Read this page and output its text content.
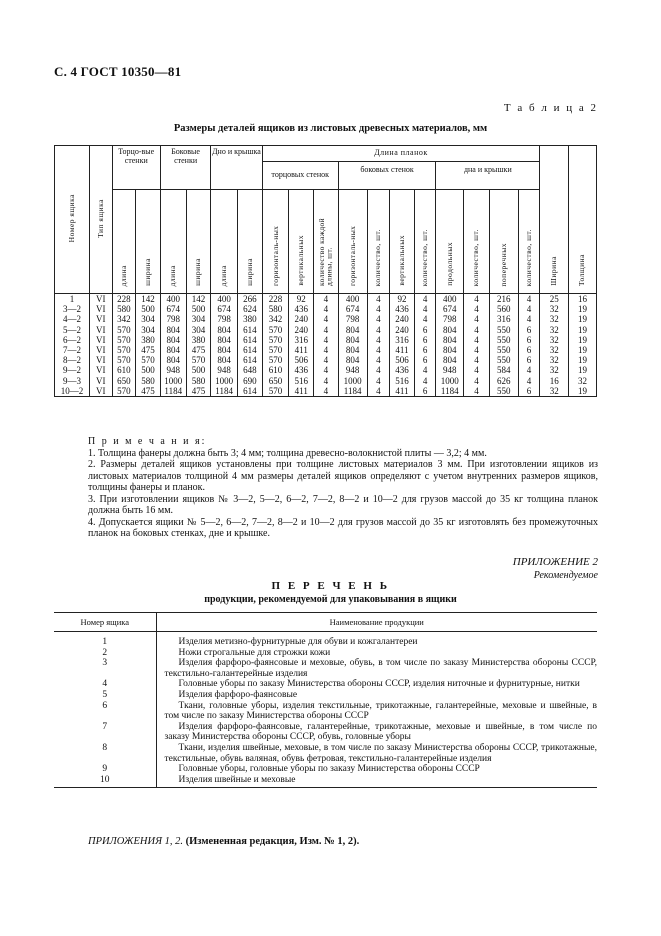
С. 4 ГОСТ 10350—81
Т а б л и ц а 2
Размеры деталей ящиков из листовых древесных материалов, мм
Номер ящика	Тип ящика	Торцо-вые стенки		Боковые стенки		Дно и крышка		Длина планок											Ширина	Толщина
								торцовых стенок			боковых стенок				дна и крышки					
		длина	ширина	длина	ширина	длина	ширина	горизонталь-ных	вертикальных	количество каждой длины, шт.	горизонталь-ных	количество, шт.	вертикальных	количество, шт.	продольных	количество, шт.	поперечных	количество, шт.		
1	VI	228	142	400	142	400	266	228	92	4	400	4	92	4	400	4	216	4	25	16
3—2	VI	580	500	674	500	674	624	580	436	4	674	4	436	4	674	4	560	4	32	19
4—2	VI	342	304	798	304	798	380	342	240	4	798	4	240	4	798	4	316	4	32	19
5—2	VI	570	304	804	304	804	614	570	240	4	804	4	240	6	804	4	550	6	32	19
6—2	VI	570	380	804	380	804	614	570	316	4	804	4	316	6	804	4	550	6	32	19
7—2	VI	570	475	804	475	804	614	570	411	4	804	4	411	6	804	4	550	6	32	19
8—2	VI	570	570	804	570	804	614	570	506	4	804	4	506	6	804	4	550	6	32	19
9—2	VI	610	500	948	500	948	648	610	436	4	948	4	436	4	948	4	584	4	32	19
9—3	VI	650	580	1000	580	1000	690	650	516	4	1000	4	516	4	1000	4	626	4	16	32
10—2	VI	570	475	1184	475	1184	614	570	411	4	1184	4	411	6	1184	4	550	6	32	19

П р и м е ч а н и я:

1. Толщина фанеры должна быть 3; 4 мм; толщина древесно-волокнистой плиты — 3,2; 4 мм.

2. Размеры деталей ящиков установлены при толщине листовых материалов 3 мм. При изготовлении ящиков из листовых материалов толщиной 4 мм размеры деталей ящиков определяют с учетом внутренних размеров ящиков, толщины фанеры и планок.

3. При изготовлении ящиков № 3—2, 5—2, 6—2, 7—2, 8—2 и 10—2 для грузов массой до 35 кг толщина планок должна быть 16 мм.

4. Допускается ящики № 5—2, 6—2, 7—2, 8—2 и 10—2 для грузов массой до 35 кг изготовлять без промежуточных планок на боковых стенках, дне и крышке.

ПРИЛОЖЕНИЕ 2
Рекомендуемое
П Е Р Е Ч Е Н Ь
продукции, рекомендуемой для упаковывания в ящики
Номер ящика	Наименование продукции
1	Изделия метизно-фурнитурные для обуви и кожгалантереи

2	Ножи строгальные для строжки кожи

3	Изделия фарфоро-фаянсовые и меховые, обувь, в том числе по заказу Министерства обороны СССР, текстильно-галантерейные изделия

4	Головные уборы по заказу Министерства обороны СССР, изделия ниточные и фурнитурные, нитки

5	Изделия фарфоро-фаянсовые

6	Ткани, головные уборы, изделия текстильные, трикотажные, галантерейные, меховые и швейные, в том числе по заказу Министерства обороны СССР

7	Изделия фарфоро-фаянсовые, галантерейные, трикотажные, меховые и швейные, в том числе по заказу Министерства обороны СССР, обувь, головные уборы

8	Ткани, изделия швейные, меховые, в том числе по заказу Министерства обороны СССР, трикотажные, текстильные, обувь валяная, обувь фетровая, текстильно-галантерейные изделия

9	Головные уборы, головные уборы по заказу Министерства обороны СССР

10	Изделия швейные и меховые
ПРИЛОЖЕНИЯ 1, 2. (Измененная редакция, Изм. № 1, 2).
